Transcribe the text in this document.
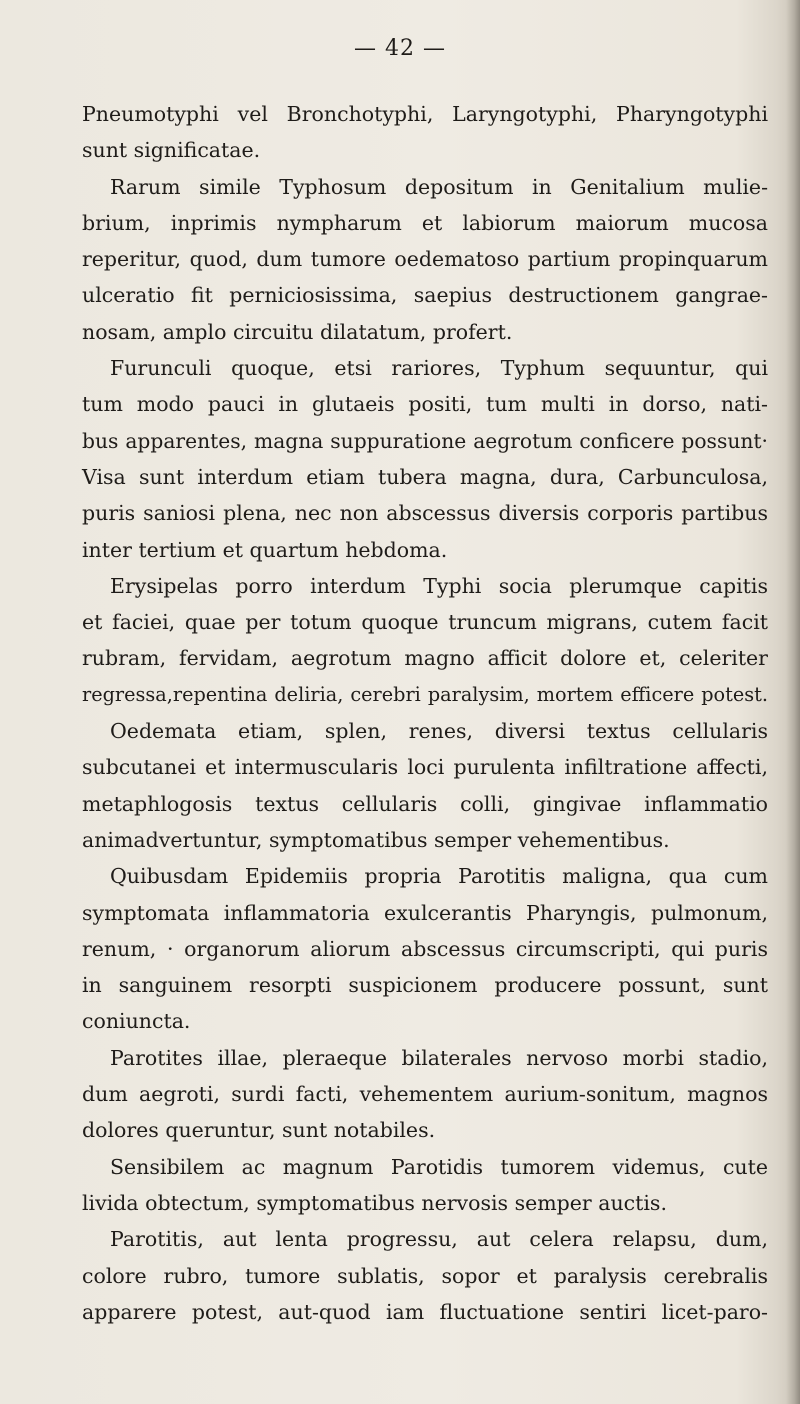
— 42 —
Pneumotyphi vel Bronchotyphi, Laryngotyphi, Pharyngotyphi
sunt significatae.
Rarum simile Typhosum depositum in Genitalium mulie-
brium, inprimis nympharum et labiorum maiorum mucosa
reperitur, quod, dum tumore oedematoso partium propinquarum
ulceratio fit perniciosissima, saepius destructionem gangrae-
nosam, amplo circuitu dilatatum, profert.
Furunculi quoque, etsi rariores, Typhum sequuntur, qui
tum modo pauci in glutaeis positi, tum multi in dorso, nati-
bus apparentes, magna suppuratione aegrotum conficere possunt·
Visa sunt interdum etiam tubera magna, dura, Carbunculosa,
puris saniosi plena, nec non abscessus diversis corporis partibus
inter tertium et quartum hebdoma.
Erysipelas porro interdum Typhi socia plerumque capitis
et faciei, quae per totum quoque truncum migrans, cutem facit
rubram, fervidam, aegrotum magno afficit dolore et, celeriter
regressa,repentina deliria, cerebri paralysim, mortem efficere potest.
Oedemata etiam, splen, renes, diversi textus cellularis
subcutanei et intermuscularis loci purulenta infiltratione affecti,
metaphlogosis textus cellularis colli, gingivae inflammatio
animadvertuntur, symptomatibus semper vehementibus.
Quibusdam Epidemiis propria Parotitis maligna, qua cum
symptomata inflammatoria exulcerantis Pharyngis, pulmonum,
renum, · organorum aliorum abscessus circumscripti, qui puris
in sanguinem resorpti suspicionem producere possunt, sunt
coniuncta.
Parotites illae, pleraeque bilaterales nervoso morbi stadio,
dum aegroti, surdi facti, vehementem aurium-sonitum, magnos
dolores queruntur, sunt notabiles.
Sensibilem ac magnum Parotidis tumorem videmus, cute
livida obtectum, symptomatibus nervosis semper auctis.
Parotitis, aut lenta progressu, aut celera relapsu, dum,
colore rubro, tumore sublatis, sopor et paralysis cerebralis
apparere potest, aut-quod iam fluctuatione sentiri licet-paro-
